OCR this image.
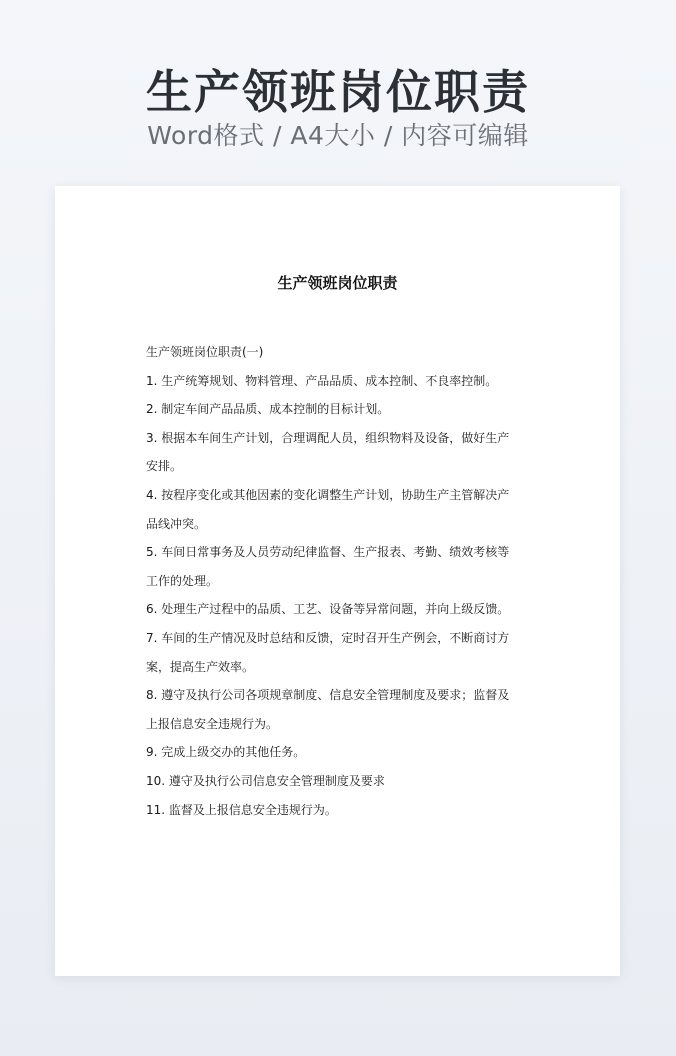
生产领班岗位职责
Word格式 / A4大小 / 内容可编辑
生产领班岗位职责
生产领班岗位职责(一)
1. 生产统筹规划、物料管理、产品品质、成本控制、不良率控制。
2. 制定车间产品品质、成本控制的目标计划。
3. 根据本车间生产计划，合理调配人员，组织物料及设备，做好生产
安排。
4. 按程序变化或其他因素的变化调整生产计划，协助生产主管解决产
品线冲突。
5. 车间日常事务及人员劳动纪律监督、生产报表、考勤、绩效考核等
工作的处理。
6. 处理生产过程中的品质、工艺、设备等异常问题，并向上级反馈。
7. 车间的生产情况及时总结和反馈，定时召开生产例会，不断商讨方
案，提高生产效率。
8. 遵守及执行公司各项规章制度、信息安全管理制度及要求；监督及
上报信息安全违规行为。
9. 完成上级交办的其他任务。
10. 遵守及执行公司信息安全管理制度及要求
11. 监督及上报信息安全违规行为。
